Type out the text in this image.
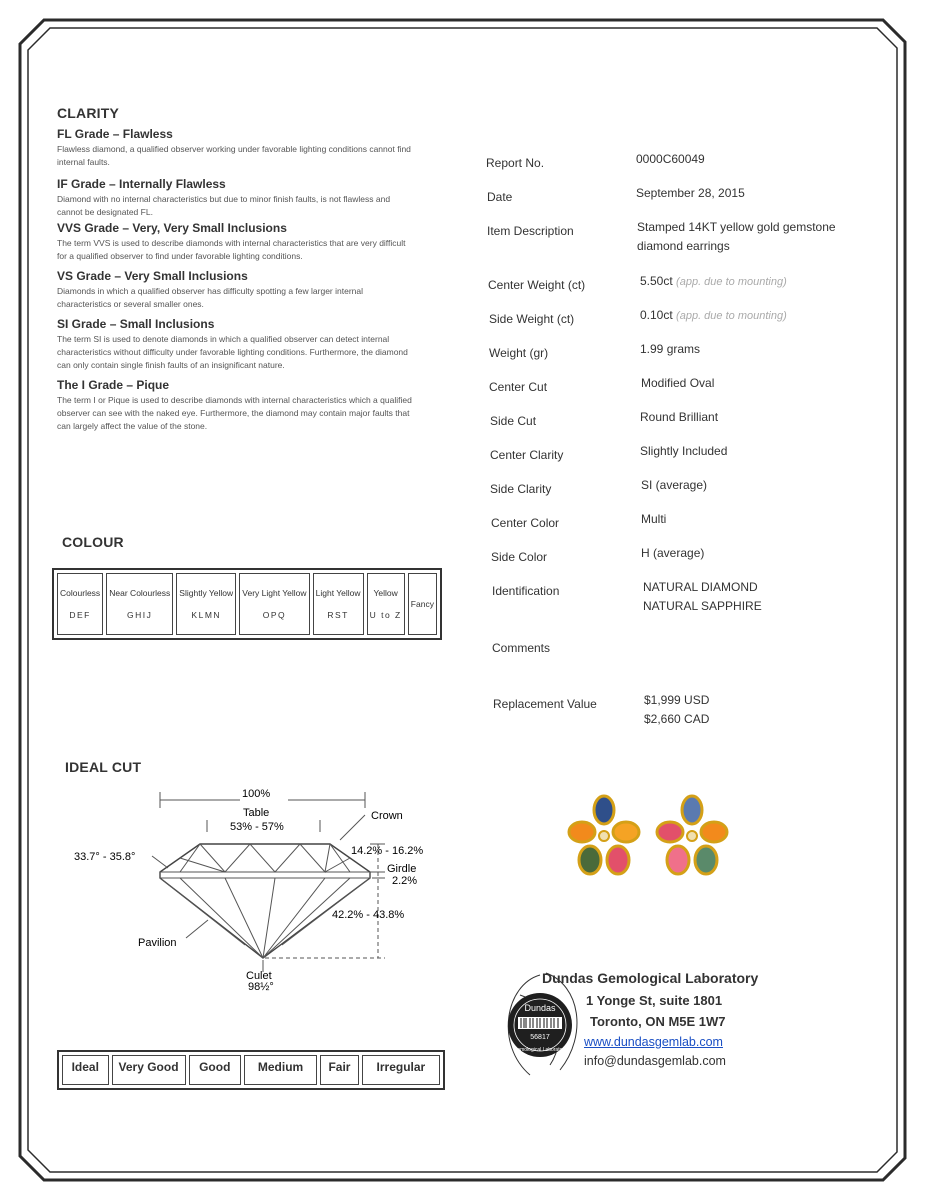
CLARITY
FL Grade – Flawless
Flawless diamond, a qualified observer working under favorable lighting conditions cannot find internal faults.
IF Grade – Internally Flawless
Diamond with no internal characteristics but due to minor finish faults, is not flawless and cannot be designated FL.
VVS Grade – Very, Very Small Inclusions
The term VVS is used to describe diamonds with internal characteristics that are very difficult for a qualified observer to find under favorable lighting conditions.
VS Grade – Very Small Inclusions
Diamonds in which a qualified observer has difficulty spotting a few larger internal characteristics or several smaller ones.
SI Grade – Small Inclusions
The term SI is used to denote diamonds in which a qualified observer can detect internal characteristics without difficulty under favorable lighting conditions. Furthermore, the diamond can only contain single finish faults of an insignificant nature.
The I Grade – Pique
The term I or Pique is used to describe diamonds with internal characteristics which a qualified observer can see with the naked eye. Furthermore, the diamond may contain major faults that can largely affect the value of the stone.
COLOUR
Colourless
DEF
	Near Colourless
GHIJ
	Slightly Yellow
KLMN
	Very Light Yellow
OPQ
	Light Yellow
RST
	Yellow
U to Z
	Fancy
IDEAL CUT
100%
Table
53% - 57%
Crown
14.2% - 16.2%
33.7° - 35.8°
Girdle
2.2%
42.2% - 43.8%
Pavilion
Culet
98½°
Ideal	Very Good	Good	Medium	Fair	Irregular
Report No.	0000C60049
Date	September 28, 2015
Item Description	Stamped 14KT yellow gold gemstone diamond earrings
Center Weight (ct)	5.50ct (app. due to mounting)
Side Weight (ct)	0.10ct (app. due to mounting)
Weight (gr)	1.99 grams
Center Cut	Modified Oval
Side Cut	Round Brilliant
Center Clarity	Slightly Included
Side Clarity	SI (average)
Center Color	Multi
Side Color	H (average)
Identification	NATURAL DIAMOND
NATURAL SAPPHIRE
Comments
Replacement Value	$1,999 USD
$2,660 CAD
Dundas
56817
Gemological Laboratory
Dundas Gemological Laboratory
1 Yonge St, suite 1801
Toronto, ON M5E 1W7
www.dundasgemlab.com
info@dundasgemlab.com
